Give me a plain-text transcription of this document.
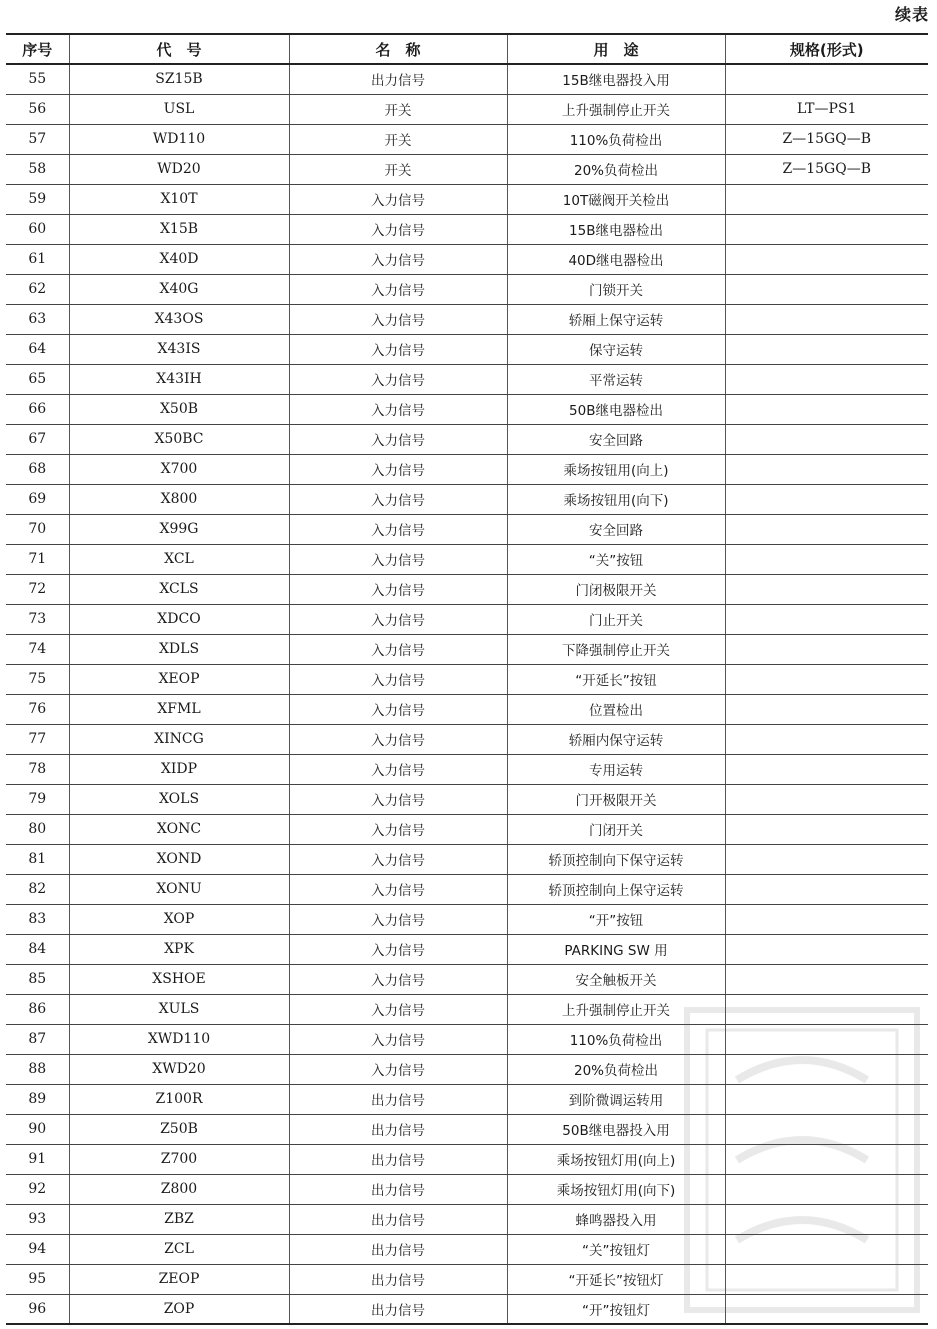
续表
序号	代　号	名　称	用　途	规格(形式)
55	SZ15B	出力信号	15B继电器投入用	
56	USL	开关	上升强制停止开关	LT—PS1
57	WD110	开关	110%负荷检出	Z—15GQ—B
58	WD20	开关	20%负荷检出	Z—15GQ—B
59	X10T	入力信号	10T磁阀开关检出	
60	X15B	入力信号	15B继电器检出	
61	X40D	入力信号	40D继电器检出	
62	X40G	入力信号	门锁开关	
63	X43OS	入力信号	轿厢上保守运转	
64	X43IS	入力信号	保守运转	
65	X43IH	入力信号	平常运转	
66	X50B	入力信号	50B继电器检出	
67	X50BC	入力信号	安全回路	
68	X700	入力信号	乘场按钮用(向上)	
69	X800	入力信号	乘场按钮用(向下)	
70	X99G	入力信号	安全回路	
71	XCL	入力信号	“关”按钮	
72	XCLS	入力信号	门闭极限开关	
73	XDCO	入力信号	门止开关	
74	XDLS	入力信号	下降强制停止开关	
75	XEOP	入力信号	“开延长”按钮	
76	XFML	入力信号	位置检出	
77	XINCG	入力信号	轿厢内保守运转	
78	XIDP	入力信号	专用运转	
79	XOLS	入力信号	门开极限开关	
80	XONC	入力信号	门闭开关	
81	XOND	入力信号	轿顶控制向下保守运转	
82	XONU	入力信号	轿顶控制向上保守运转	
83	XOP	入力信号	“开”按钮	
84	XPK	入力信号	PARKING SW 用	
85	XSHOE	入力信号	安全触板开关	
86	XULS	入力信号	上升强制停止开关	
87	XWD110	入力信号	110%负荷检出	
88	XWD20	入力信号	20%负荷检出	
89	Z100R	出力信号	到阶微调运转用	
90	Z50B	出力信号	50B继电器投入用	
91	Z700	出力信号	乘场按钮灯用(向上)	
92	Z800	出力信号	乘场按钮灯用(向下)	
93	ZBZ	出力信号	蜂鸣器投入用	
94	ZCL	出力信号	“关”按钮灯	
95	ZEOP	出力信号	“开延长”按钮灯	
96	ZOP	出力信号	“开”按钮灯	
